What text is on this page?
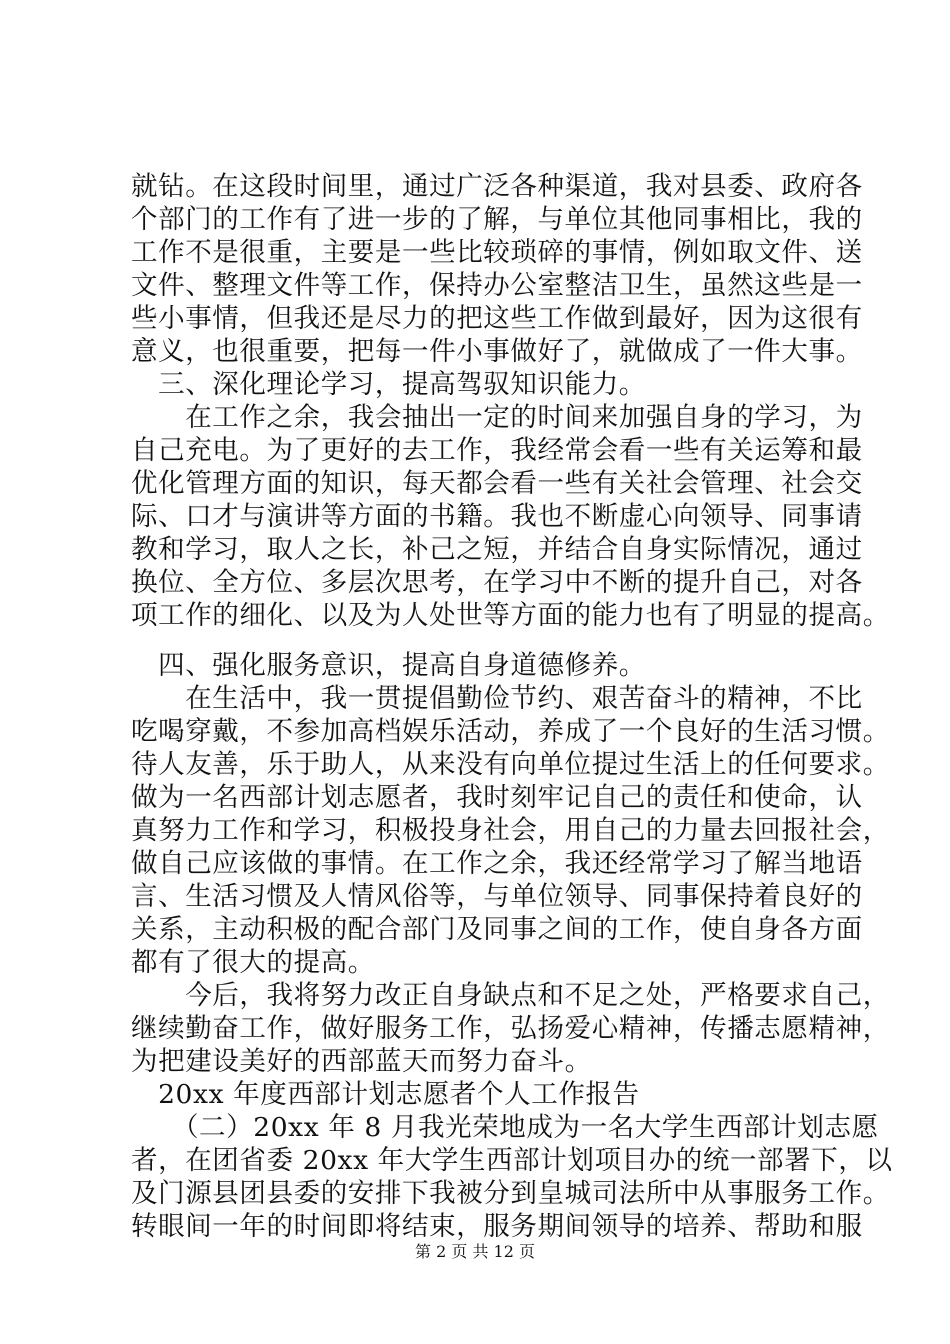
就钻。在这段时间里，通过广泛各种渠道，我对县委、政府各
个部门的工作有了进一步的了解，与单位其他同事相比，我的
工作不是很重，主要是一些比较琐碎的事情，例如取文件、送
文件、整理文件等工作，保持办公室整洁卫生，虽然这些是一
些小事情，但我还是尽力的把这些工作做到最好，因为这很有
意义，也很重要，把每一件小事做好了，就做成了一件大事。
　三、深化理论学习，提高驾驭知识能力。
　　在工作之余，我会抽出一定的时间来加强自身的学习，为
自己充电。为了更好的去工作，我经常会看一些有关运筹和最
优化管理方面的知识，每天都会看一些有关社会管理、社会交
际、口才与演讲等方面的书籍。我也不断虚心向领导、同事请
教和学习，取人之长，补己之短，并结合自身实际情况，通过
换位、全方位、多层次思考，在学习中不断的提升自己，对各
项工作的细化、以及为人处世等方面的能力也有了明显的提高。
　四、强化服务意识，提高自身道德修养。
　　在生活中，我一贯提倡勤俭节约、艰苦奋斗的精神，不比
吃喝穿戴，不参加高档娱乐活动，养成了一个良好的生活习惯。
待人友善，乐于助人，从来没有向单位提过生活上的任何要求。
做为一名西部计划志愿者，我时刻牢记自己的责任和使命，认
真努力工作和学习，积极投身社会，用自己的力量去回报社会，
做自己应该做的事情。在工作之余，我还经常学习了解当地语
言、生活习惯及人情风俗等，与单位领导、同事保持着良好的
关系，主动积极的配合部门及同事之间的工作，使自身各方面
都有了很大的提高。
　　今后，我将努力改正自身缺点和不足之处，严格要求自己，
继续勤奋工作，做好服务工作，弘扬爱心精神，传播志愿精神，
为把建设美好的西部蓝天而努力奋斗。
　20xx 年度西部计划志愿者个人工作报告
　　（二）20xx 年 8 月我光荣地成为一名大学生西部计划志愿
者，在团省委 20xx 年大学生西部计划项目办的统一部署下，以
及门源县团县委的安排下我被分到皇城司法所中从事服务工作。
转眼间一年的时间即将结束，服务期间领导的培养、帮助和服
第 2 页 共 12 页
